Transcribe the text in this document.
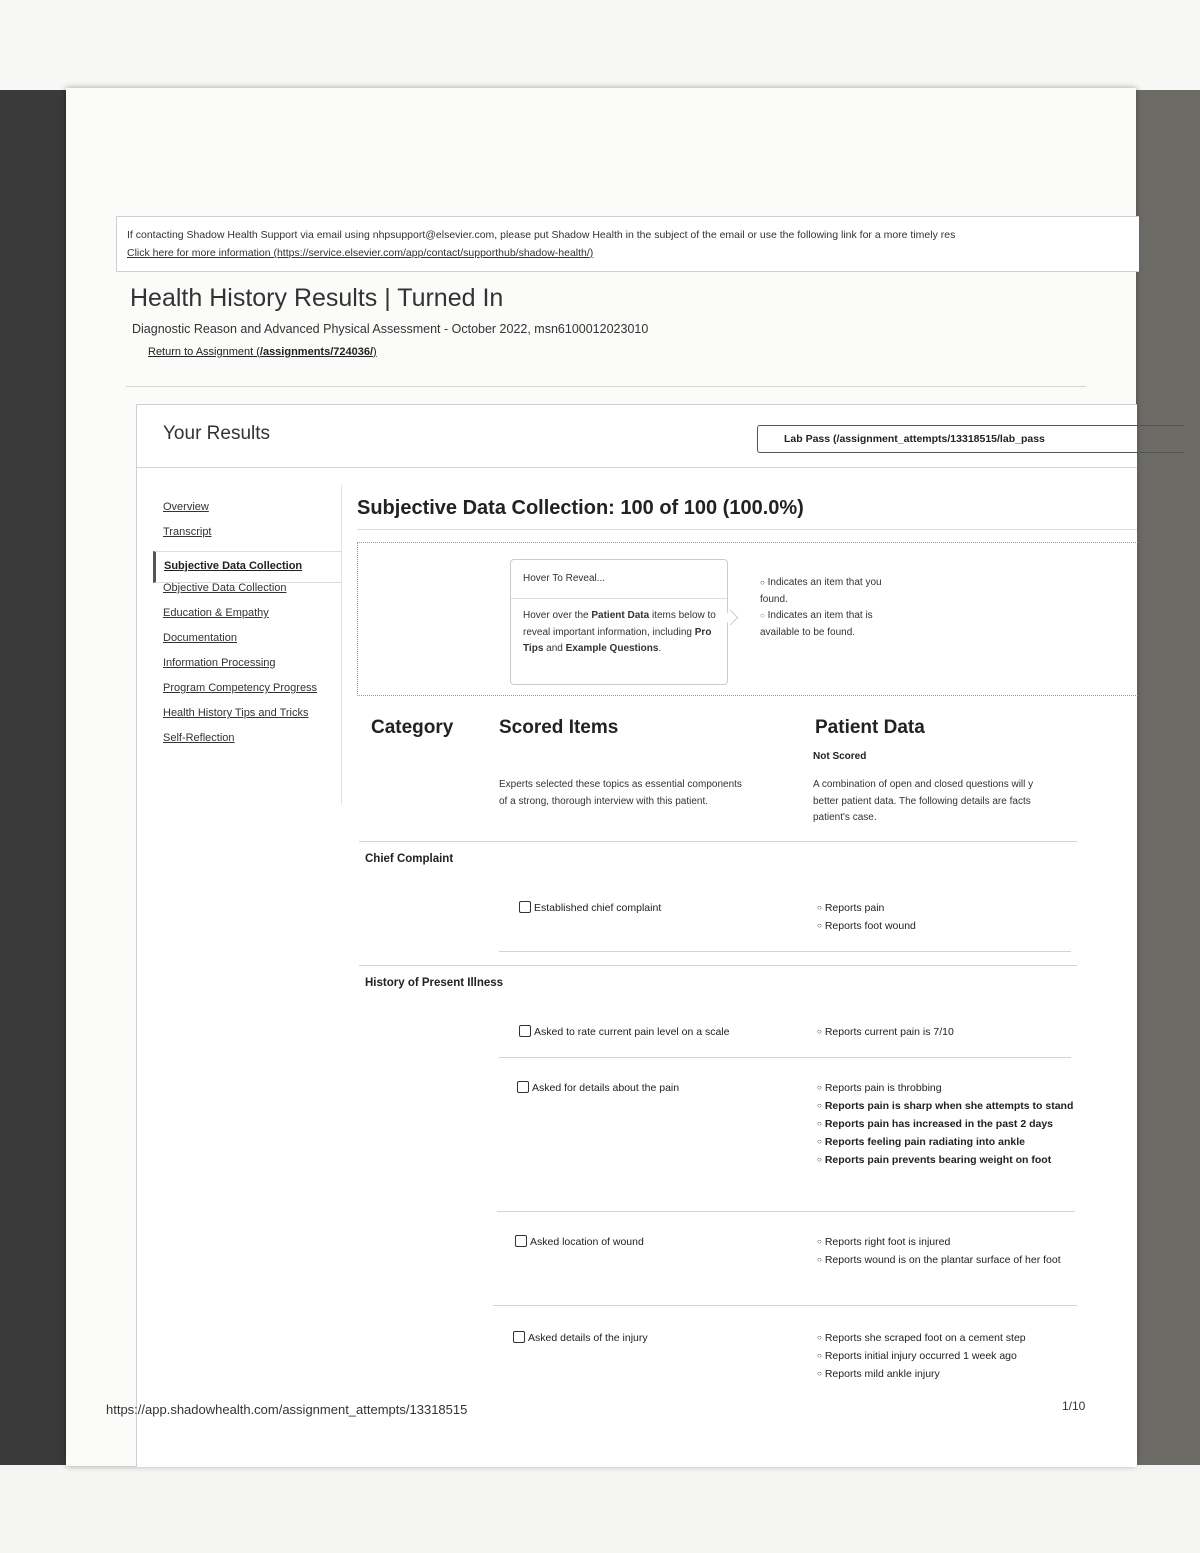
If contacting Shadow Health Support via email using nhpsupport@elsevier.com, please put Shadow Health in the subject of the email or use the following link for a more timely res
Click here for more information (https://service.elsevier.com/app/contact/supporthub/shadow-health/)
Health History Results | Turned In
Diagnostic Reason and Advanced Physical Assessment - October 2022, msn6100012023010
Return to Assignment (/assignments/724036/)
Your Results	Lab Pass (/assignment_attempts/13318515/lab_pass
Overview
Transcript
Objective Data Collection
Education & Empathy
Documentation
Information Processing
Program Competency Progress
Health History Tips and Tricks
Self-Reflection
Subjective Data Collection
Subjective Data Collection: 100 of 100 (100.0%)
Hover To Reveal...
Hover over the Patient Data items below to reveal important information, including Pro Tips and Example Questions.
○ Indicates an item that you found.
○ Indicates an item that is available to be found.
Category Scored Items	Patient Data
Not Scored
Experts selected these topics as essential components
of a strong, thorough interview with this patient.
A combination of open and closed questions will y
better patient data. The following details are facts
patient's case.
Chief Complaint
Established chief complaint	○ Reports pain
○ Reports foot wound
History of Present Illness
Asked to rate current pain level on a scale	○ Reports current pain is 7/10
Asked for details about the pain	○ Reports pain is throbbing
○ Reports pain is sharp when she attempts to stand
○ Reports pain has increased in the past 2 days
○ Reports feeling pain radiating into ankle
○ Reports pain prevents bearing weight on foot
Asked location of wound	○ Reports right foot is injured
○ Reports wound is on the plantar surface of her foot
Asked details of the injury	○ Reports she scraped foot on a cement step
○ Reports initial injury occurred 1 week ago
○ Reports mild ankle injury
https://app.shadowhealth.com/assignment_attempts/13318515	1/10
